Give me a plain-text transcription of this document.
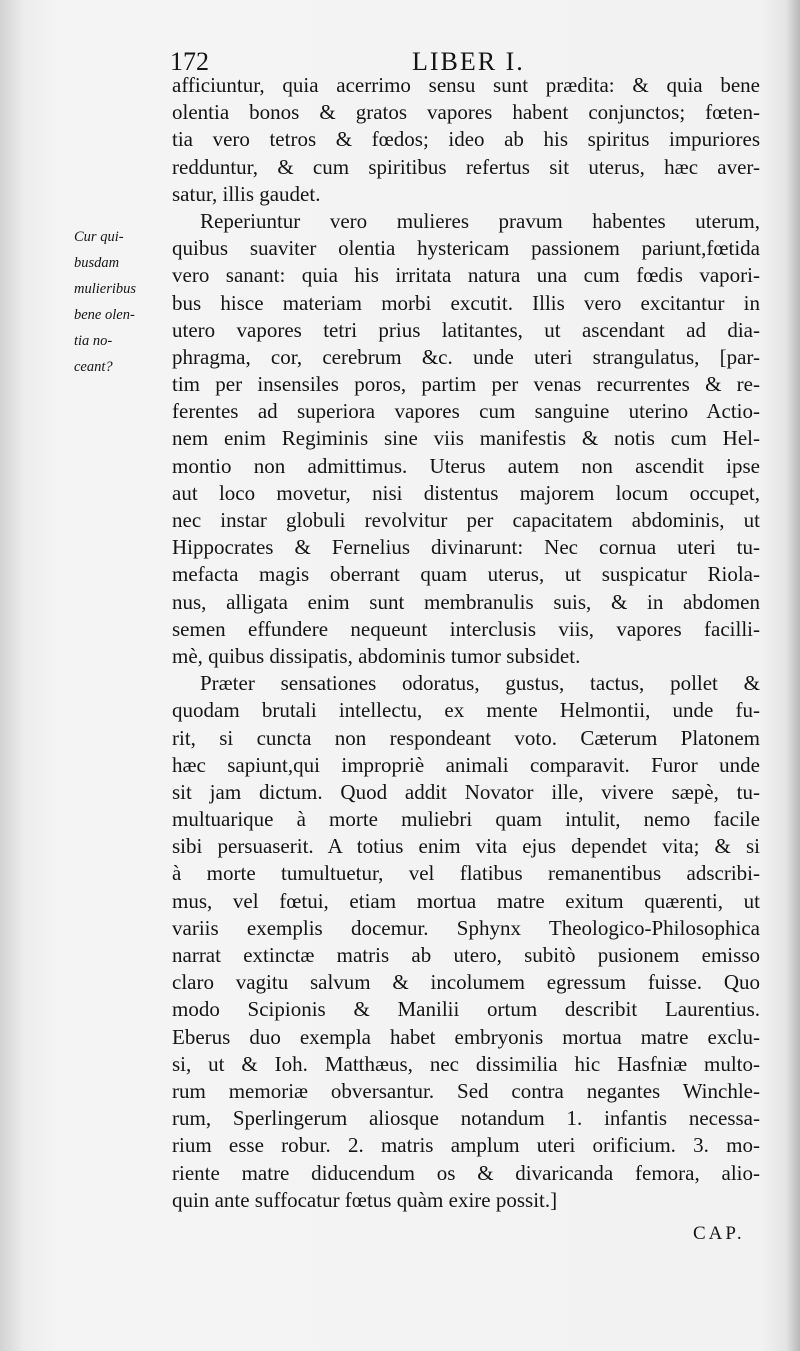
172	LIBER I.
Cur qui-
busdam
mulieribus
bene olen-
tia no-
ceant?
afficiuntur, quia acerrimo sensu sunt prædita: & quia bene
olentia bonos & gratos vapores habent conjunctos; fœten-
tia vero tetros & fœdos; ideo ab his spiritus impuriores
redduntur, & cum spiritibus refertus sit uterus, hæc aver-
satur, illis gaudet.
Reperiuntur vero mulieres pravum habentes uterum,
quibus suaviter olentia hystericam passionem pariunt,fœtida
vero sanant: quia his irritata natura una cum fœdis vapori-
bus hisce materiam morbi excutit. Illis vero excitantur in
utero vapores tetri prius latitantes, ut ascendant ad dia-
phragma, cor, cerebrum &c. unde uteri strangulatus, [par-
tim per insensiles poros, partim per venas recurrentes & re-
ferentes ad superiora vapores cum sanguine uterino Actio-
nem enim Regiminis sine viis manifestis & notis cum Hel-
montio non admittimus. Uterus autem non ascendit ipse
aut loco movetur, nisi distentus majorem locum occupet,
nec instar globuli revolvitur per capacitatem abdominis, ut
Hippocrates & Fernelius divinarunt: Nec cornua uteri tu-
mefacta magis oberrant quam uterus, ut suspicatur Riola-
nus, alligata enim sunt membranulis suis, & in abdomen
semen effundere nequeunt interclusis viis, vapores facilli-
mè, quibus dissipatis, abdominis tumor subsidet.
Præter sensationes odoratus, gustus, tactus, pollet &
quodam brutali intellectu, ex mente Helmontii, unde fu-
rit, si cuncta non respondeant voto. Cæterum Platonem
hæc sapiunt,qui impropriè animali comparavit. Furor unde
sit jam dictum. Quod addit Novator ille, vivere sæpè, tu-
multuarique à morte muliebri quam intulit, nemo facile
sibi persuaserit. A totius enim vita ejus dependet vita; & si
à morte tumultuetur, vel flatibus remanentibus adscribi-
mus, vel fœtui, etiam mortua matre exitum quærenti, ut
variis exemplis docemur. Sphynx Theologico-Philosophica
narrat extinctæ matris ab utero, subitò pusionem emisso
claro vagitu salvum & incolumem egressum fuisse. Quo
modo Scipionis & Manilii ortum describit Laurentius.
Eberus duo exempla habet embryonis mortua matre exclu-
si, ut & Ioh. Matthæus, nec dissimilia hic Hasfniæ multo-
rum memoriæ obversantur. Sed contra negantes Winchle-
rum, Sperlingerum aliosque notandum 1. infantis necessa-
rium esse robur. 2. matris amplum uteri orificium. 3. mo-
riente matre diducendum os & divaricanda femora, alio-
quin ante suffocatur fœtus quàm exire possit.]
CAP.
